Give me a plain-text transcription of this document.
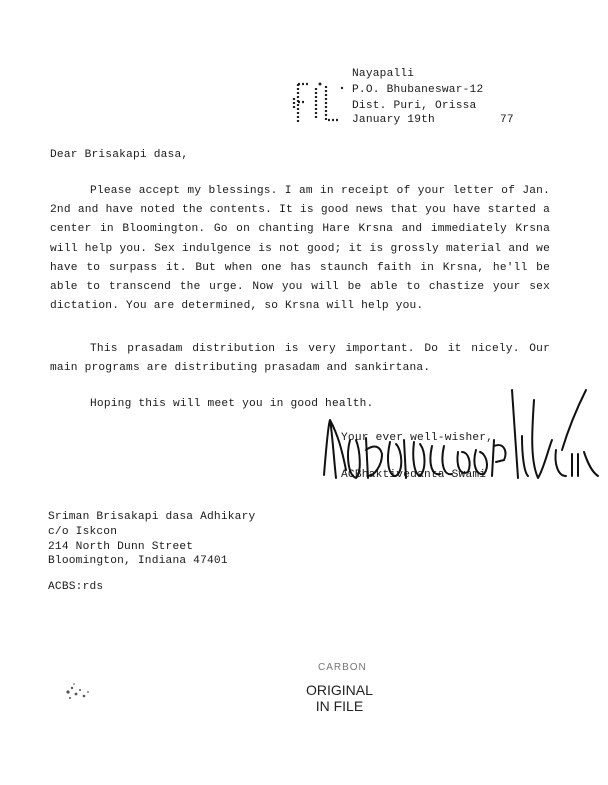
Nayapalli
P.O. Bhubaneswar-12
Dist. Puri, Orissa
January 19th	77
Dear Brisakapi dasa,
Please accept my blessings. I am in receipt of your letter of Jan. 2nd and have noted the contents. It is good news that you have started a center in Bloomington. Go on chanting Hare Krsna and immediately Krsna will help you. Sex indulgence is not good; it is grossly material and we have to surpass it. But when one has staunch faith in Krsna, he'll be able to transcend the urge. Now you will be able to chastize your sex dictation. You are determined, so Krsna will help you.
This prasadam distribution is very important. Do it nicely. Our main programs are distributing prasadam and sankirtana.
Hoping this will meet you in good health.
Your ever well-wisher,
ACBhaktivedanta Swami
Sriman Brisakapi dasa Adhikary
c/o Iskcon
214 North Dunn Street
Bloomington, Indiana 47401
ACBS:rds
CARBON
ORIGINAL
IN FILE
